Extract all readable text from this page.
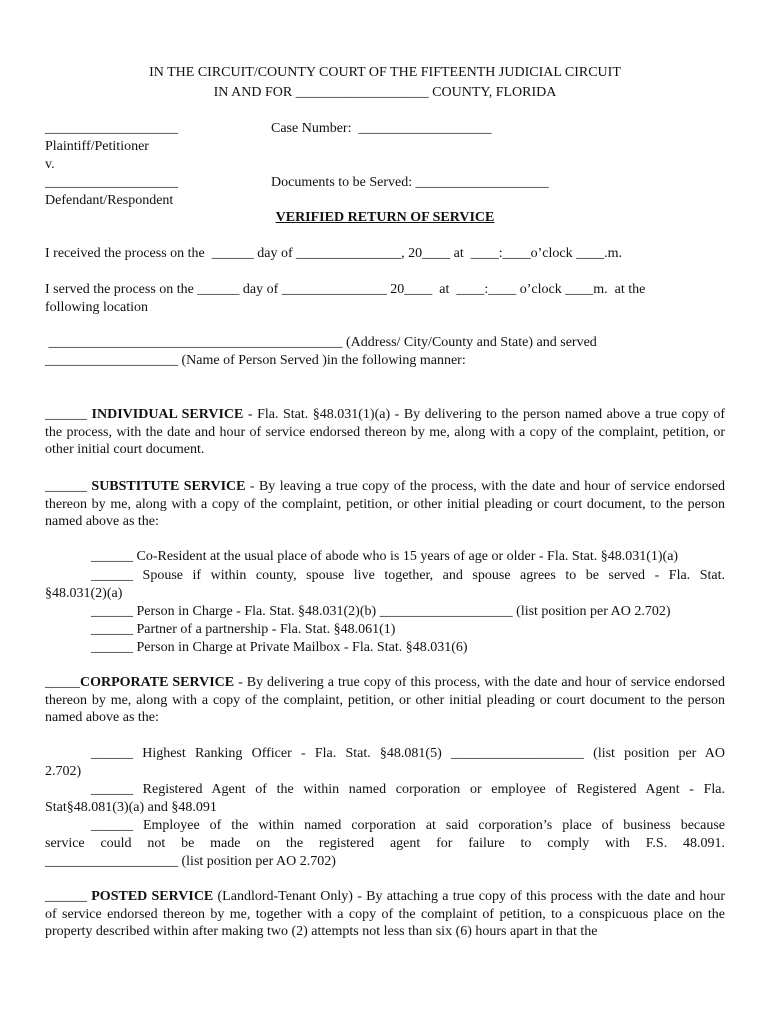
IN THE CIRCUIT/COUNTY COURT OF THE FIFTEENTH JUDICIAL CIRCUIT
IN AND FOR ___________________ COUNTY, FLORIDA
___________________
Plaintiff/Petitioner
v.
___________________
Defendant/Respondent
Case Number:  ___________________
Documents to be Served: ___________________
VERIFIED RETURN OF SERVICE
I received the process on the  ______ day of _______________, 20____ at  ____:____o’clock ____.m.
I served the process on the ______ day of _______________ 20____  at  ____:____ o’clock ____m.  at the
following location
__________________________________________ (Address/ City/County and State) and served
___________________ (Name of Person Served )in the following manner:
______ INDIVIDUAL SERVICE - Fla. Stat. §48.031(1)(a) - By delivering to the person named above a true copy of the process, with the date and hour of service endorsed thereon by me, along with a copy of the complaint, petition, or other initial court document.
______ SUBSTITUTE SERVICE - By leaving a true copy of the process, with the date and hour of service endorsed thereon by me, along with a copy of the complaint, petition, or other initial pleading or court document, to the person named above as the:
______ Co-Resident at the usual place of abode who is 15 years of age or older - Fla. Stat. §48.031(1)(a)
______ Spouse if within county, spouse live together, and spouse agrees to be served - Fla. Stat.
§48.031(2)(a)
______ Person in Charge - Fla. Stat. §48.031(2)(b) ___________________ (list position per AO 2.702)
______ Partner of a partnership - Fla. Stat. §48.061(1)
______ Person in Charge at Private Mailbox - Fla. Stat. §48.031(6)
_____CORPORATE SERVICE - By delivering a true copy of this process, with the date and hour of service endorsed thereon by me, along with a copy of the complaint, petition, or other initial pleading or court document to the person named above as the:
______ Highest Ranking Officer - Fla. Stat. §48.081(5) ___________________ (list position per AO
2.702)
______ Registered Agent of the within named corporation or employee of Registered Agent - Fla.
Stat§48.081(3)(a) and §48.091
______ Employee of the within named corporation at said corporation’s place of business because
service could not be made on the registered agent for failure to comply with F.S. 48.091.
___________________ (list position per AO 2.702)
______ POSTED SERVICE (Landlord-Tenant Only) - By attaching a true copy of this process with the date and hour of service endorsed thereon by me, together with a copy of the complaint of petition, to a conspicuous place on the property described within after making two (2) attempts not less than six (6) hours apart in that the
